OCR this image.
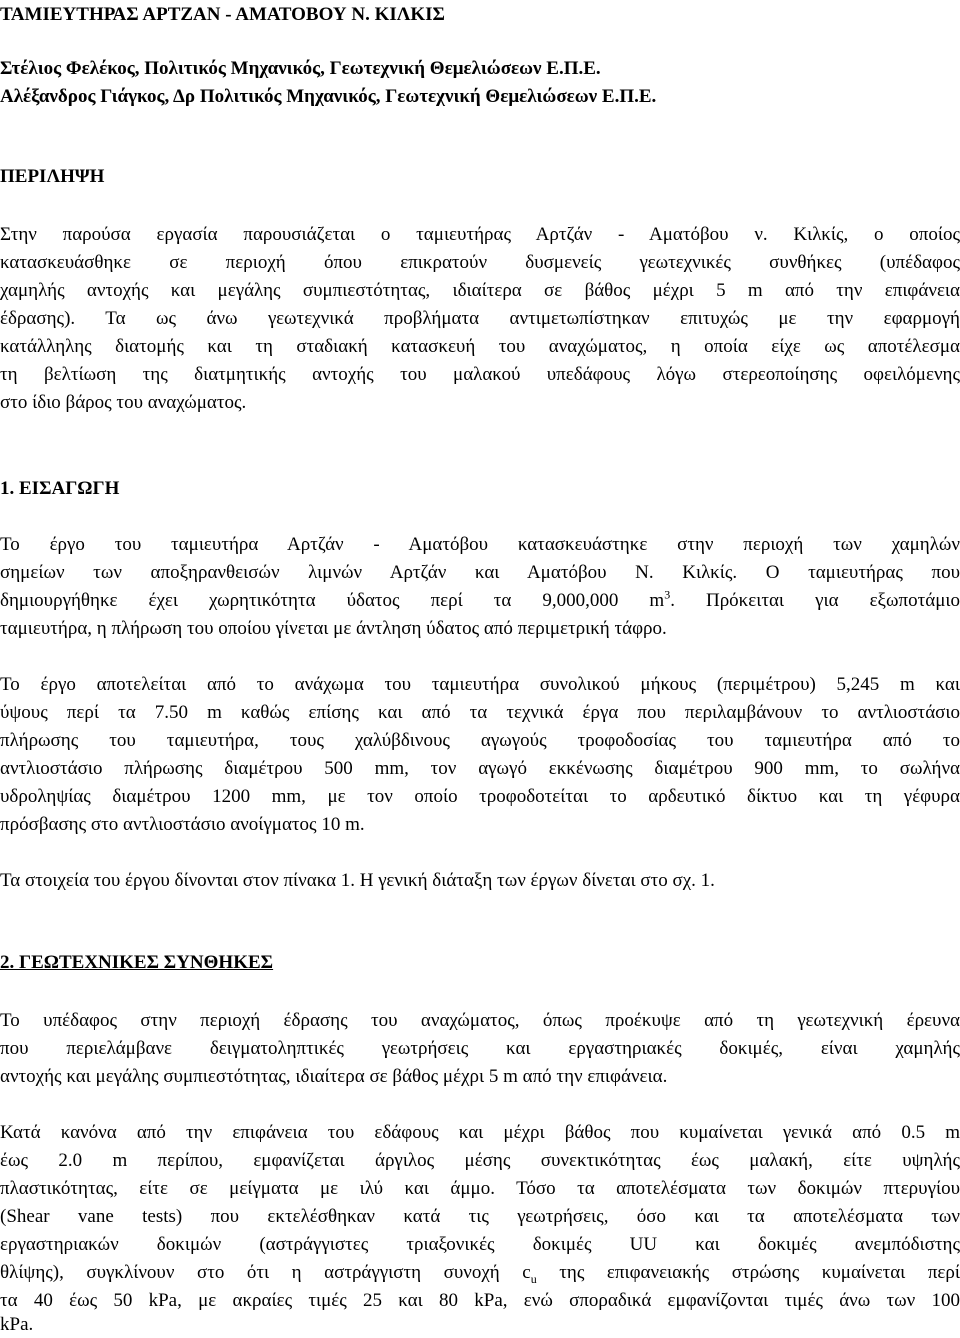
ΤΑΜΙΕΥΤΗΡΑΣ ΑΡΤΖΑΝ - ΑΜΑΤΟΒΟΥ Ν. ΚΙΛΚΙΣ
Στέλιος Φελέκος, Πολιτικός Μηχανικός, Γεωτεχνική Θεμελιώσεων Ε.Π.Ε.
Αλέξανδρος Γιάγκος, Δρ Πολιτικός Μηχανικός, Γεωτεχνική Θεμελιώσεων Ε.Π.Ε.
ΠΕΡΙΛΗΨΗ
Στην παρούσα εργασία παρουσιάζεται ο ταμιευτήρας Αρτζάν - Αματόβου ν. Κιλκίς, ο οποίος
κατασκευάσθηκε σε περιοχή όπου επικρατούν δυσμενείς γεωτεχνικές συνθήκες (υπέδαφος
χαμηλής αντοχής και μεγάλης συμπιεστότητας, ιδιαίτερα σε βάθος μέχρι 5 m από την επιφάνεια
έδρασης). Τα ως άνω γεωτεχνικά προβλήματα αντιμετωπίστηκαν επιτυχώς με την εφαρμογή
κατάλληλης διατομής και τη σταδιακή κατασκευή του αναχώματος, η οποία είχε ως αποτέλεσμα
τη βελτίωση της διατμητικής αντοχής του μαλακού υπεδάφους λόγω στερεοποίησης οφειλόμενης
στο ίδιο βάρος του αναχώματος.
1. ΕΙΣΑΓΩΓΗ
Το έργο του ταμιευτήρα Αρτζάν - Αματόβου κατασκευάστηκε στην περιοχή των χαμηλών
σημείων των αποξηρανθεισών λιμνών Αρτζάν και Αματόβου Ν. Κιλκίς. Ο ταμιευτήρας που
δημιουργήθηκε έχει χωρητικότητα ύδατος περί τα 9,000,000 $m^3$. Πρόκειται για εξωποτάμιο
ταμιευτήρα, η πλήρωση του οποίου γίνεται με άντληση ύδατος από περιμετρική τάφρο.
Το έργο αποτελείται από το ανάχωμα του ταμιευτήρα συνολικού μήκους (περιμέτρου) 5,245 m και
ύψους περί τα 7.50 m καθώς επίσης και από τα τεχνικά έργα που περιλαμβάνουν το αντλιοστάσιο
πλήρωσης του ταμιευτήρα, τους χαλύβδινους αγωγούς τροφοδοσίας του ταμιευτήρα από το
αντλιοστάσιο πλήρωσης διαμέτρου 500 mm, τον αγωγό εκκένωσης διαμέτρου 900 mm, το σωλήνα
υδροληψίας διαμέτρου 1200 mm, με τον οποίο τροφοδοτείται το αρδευτικό δίκτυο και τη γέφυρα
πρόσβασης στο αντλιοστάσιο ανοίγματος 10 m.
Τα στοιχεία του έργου δίνονται στον πίνακα 1. Η γενική διάταξη των έργων δίνεται στο σχ. 1.
2. ΓΕΩΤΕΧΝΙΚΕΣ ΣΥΝΘΗΚΕΣ
Το υπέδαφος στην περιοχή έδρασης του αναχώματος, όπως προέκυψε από τη γεωτεχνική έρευνα
που περιελάμβανε δειγματοληπτικές γεωτρήσεις και εργαστηριακές δοκιμές, είναι χαμηλής
αντοχής και μεγάλης συμπιεστότητας, ιδιαίτερα σε βάθος μέχρι 5 m από την επιφάνεια.
Κατά κανόνα από την επιφάνεια του εδάφους και μέχρι βάθος που κυμαίνεται γενικά από 0.5 m
έως 2.0 m περίπου, εμφανίζεται άργιλος μέσης συνεκτικότητας έως μαλακή, είτε υψηλής
πλαστικότητας, είτε σε μείγματα με ιλύ και άμμο. Τόσο τα αποτελέσματα των δοκιμών πτερυγίου
(Shear vane tests) που εκτελέσθηκαν κατά τις γεωτρήσεις, όσο και τα αποτελέσματα των
εργαστηριακών δοκιμών (αστράγγιστες τριαξονικές δοκιμές UU και δοκιμές ανεμπόδιστης
θλίψης), συγκλίνουν στο ότι η αστράγγιστη συνοχή $c_u$ της επιφανειακής στρώσης κυμαίνεται περί
τα 40 έως 50 kPa, με ακραίες τιμές 25 και 80 kPa, ενώ σποραδικά εμφανίζονται τιμές άνω των 100
kPa.
